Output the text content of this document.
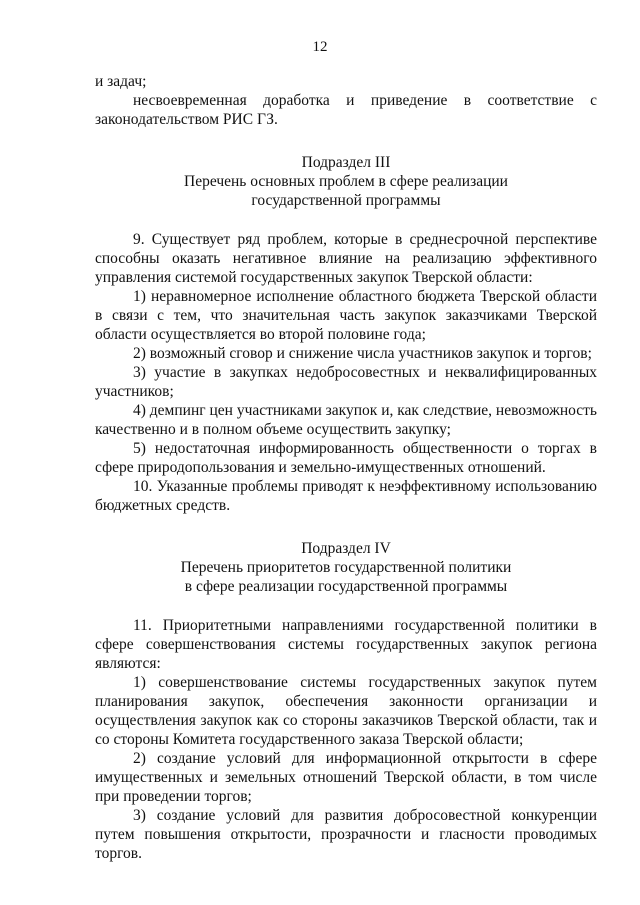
12

и задач;

несвоевременная доработка и приведение в соответствие с законодательством РИС ГЗ.

Подраздел III

Перечень основных проблем в сфере реализации

государственной программы

9. Существует ряд проблем, которые в среднесрочной перспективе способны оказать негативное влияние на реализацию эффективного управления системой государственных закупок Тверской области:

1) неравномерное исполнение областного бюджета Тверской области в связи с тем, что значительная часть закупок заказчиками Тверской области осуществляется во второй половине года;

2) возможный сговор и снижение числа участников закупок и торгов;

3) участие в закупках недобросовестных и неквалифицированных участников;

4) демпинг цен участниками закупок и, как следствие, невозможность качественно и в полном объеме осуществить закупку;

5) недостаточная информированность общественности о торгах в сфере природопользования и земельно-имущественных отношений.

10. Указанные проблемы приводят к неэффективному использованию бюджетных средств.

Подраздел IV

Перечень приоритетов государственной политики

в сфере реализации государственной программы

11. Приоритетными направлениями государственной политики в сфере совершенствования системы государственных закупок региона являются:

1) совершенствование системы государственных закупок путем планирования закупок, обеспечения законности организации и осуществления закупок как со стороны заказчиков Тверской области, так и со стороны Комитета государственного заказа Тверской области;

2) создание условий для информационной открытости в сфере имущественных и земельных отношений Тверской области, в том числе при проведении торгов;

3) создание условий для развития добросовестной конкуренции путем повышения открытости, прозрачности и гласности проводимых торгов.
